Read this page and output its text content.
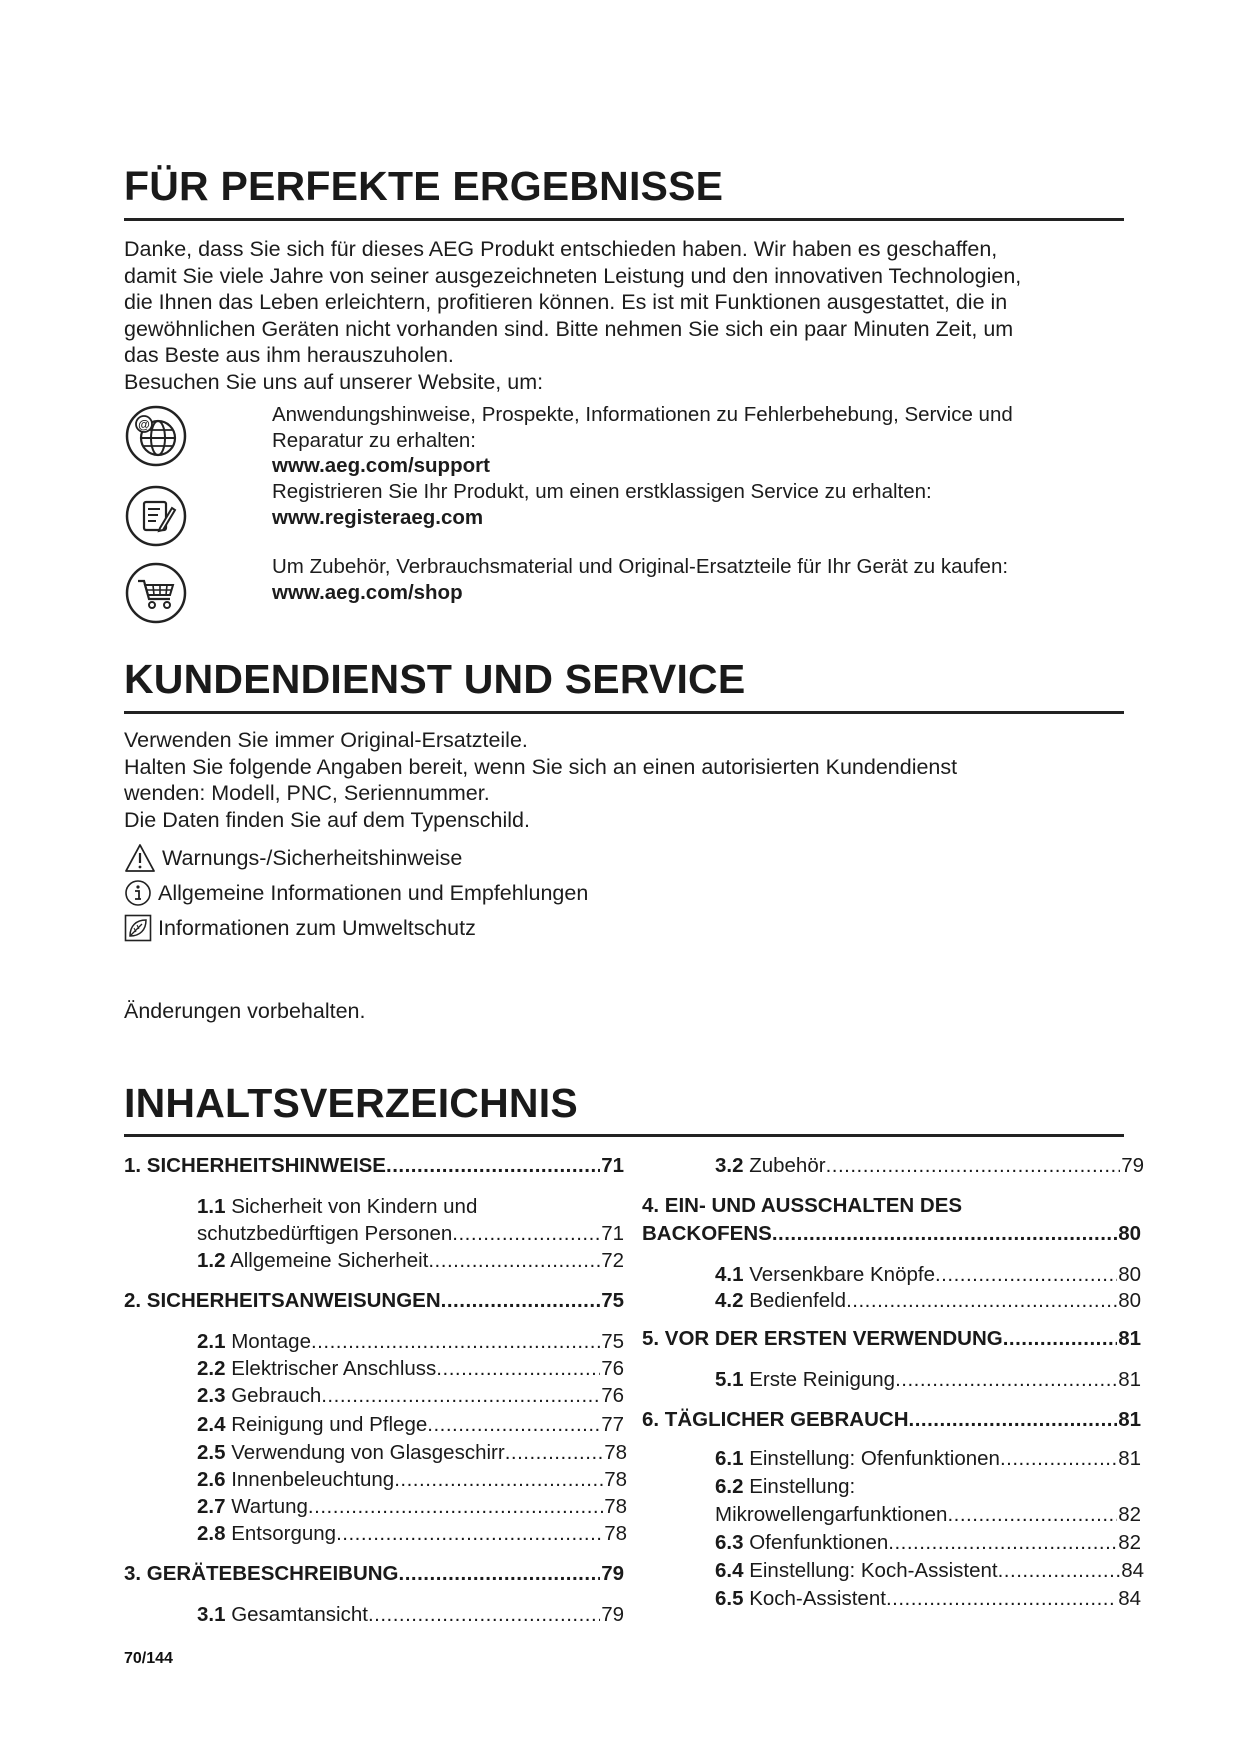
FÜR PERFEKTE ERGEBNISSE
Danke, dass Sie sich für dieses AEG Produkt entschieden haben. Wir haben es geschaffen,
damit Sie viele Jahre von seiner ausgezeichneten Leistung und den innovativen Technologien,
die Ihnen das Leben erleichtern, profitieren können. Es ist mit Funktionen ausgestattet, die in
gewöhnlichen Geräten nicht vorhanden sind. Bitte nehmen Sie sich ein paar Minuten Zeit, um
das Beste aus ihm herauszuholen.
Besuchen Sie uns auf unserer Website, um:
@	Anwendungshinweise, Prospekte, Informationen zu Fehlerbehebung, Service und
Reparatur zu erhalten:
www.aeg.com/support
Registrieren Sie Ihr Produkt, um einen erstklassigen Service zu erhalten:
www.registeraeg.com
Um Zubehör, Verbrauchsmaterial und Original-Ersatzteile für Ihr Gerät zu kaufen:
www.aeg.com/shop
KUNDENDIENST UND SERVICE
Verwenden Sie immer Original-Ersatzteile.
Halten Sie folgende Angaben bereit, wenn Sie sich an einen autorisierten Kundendienst
wenden: Modell, PNC, Seriennummer.
Die Daten finden Sie auf dem Typenschild.
Warnungs-/Sicherheitshinweise
Allgemeine Informationen und Empfehlungen
Informationen zum Umweltschutz
Änderungen vorbehalten.
INHALTSVERZEICHNIS
1. SICHERHEITSHINWEISE .....	71
1.1 Sicherheit von Kindern und
schutzbedürftigen Personen .....	71
1.2 Allgemeine Sicherheit .....	72
2. SICHERHEITSANWEISUNGEN .....	75
2.1 Montage .....	75
2.2 Elektrischer Anschluss .....	76
2.3 Gebrauch .....	76
2.4 Reinigung und Pflege .....	77
2.5 Verwendung von Glasgeschirr .....	78
2.6 Innenbeleuchtung .....	78
2.7 Wartung .....	78
2.8 Entsorgung .....	78
3. GERÄTEBESCHREIBUNG .....	79
3.1 Gesamtansicht .....	79
3.2 Zubehör .....	79
4. EIN- UND AUSSCHALTEN DES
BACKOFENS .....	80
4.1 Versenkbare Knöpfe .....	80
4.2 Bedienfeld .....	80
5. VOR DER ERSTEN VERWENDUNG .....	81
5.1 Erste Reinigung .....	81
6. TÄGLICHER GEBRAUCH .....	81
6.1 Einstellung: Ofenfunktionen .....	81
6.2 Einstellung:
Mikrowellengarfunktionen .....	82
6.3 Ofenfunktionen .....	82
6.4 Einstellung: Koch-Assistent .....	84
6.5 Koch-Assistent .....	84
70/144
